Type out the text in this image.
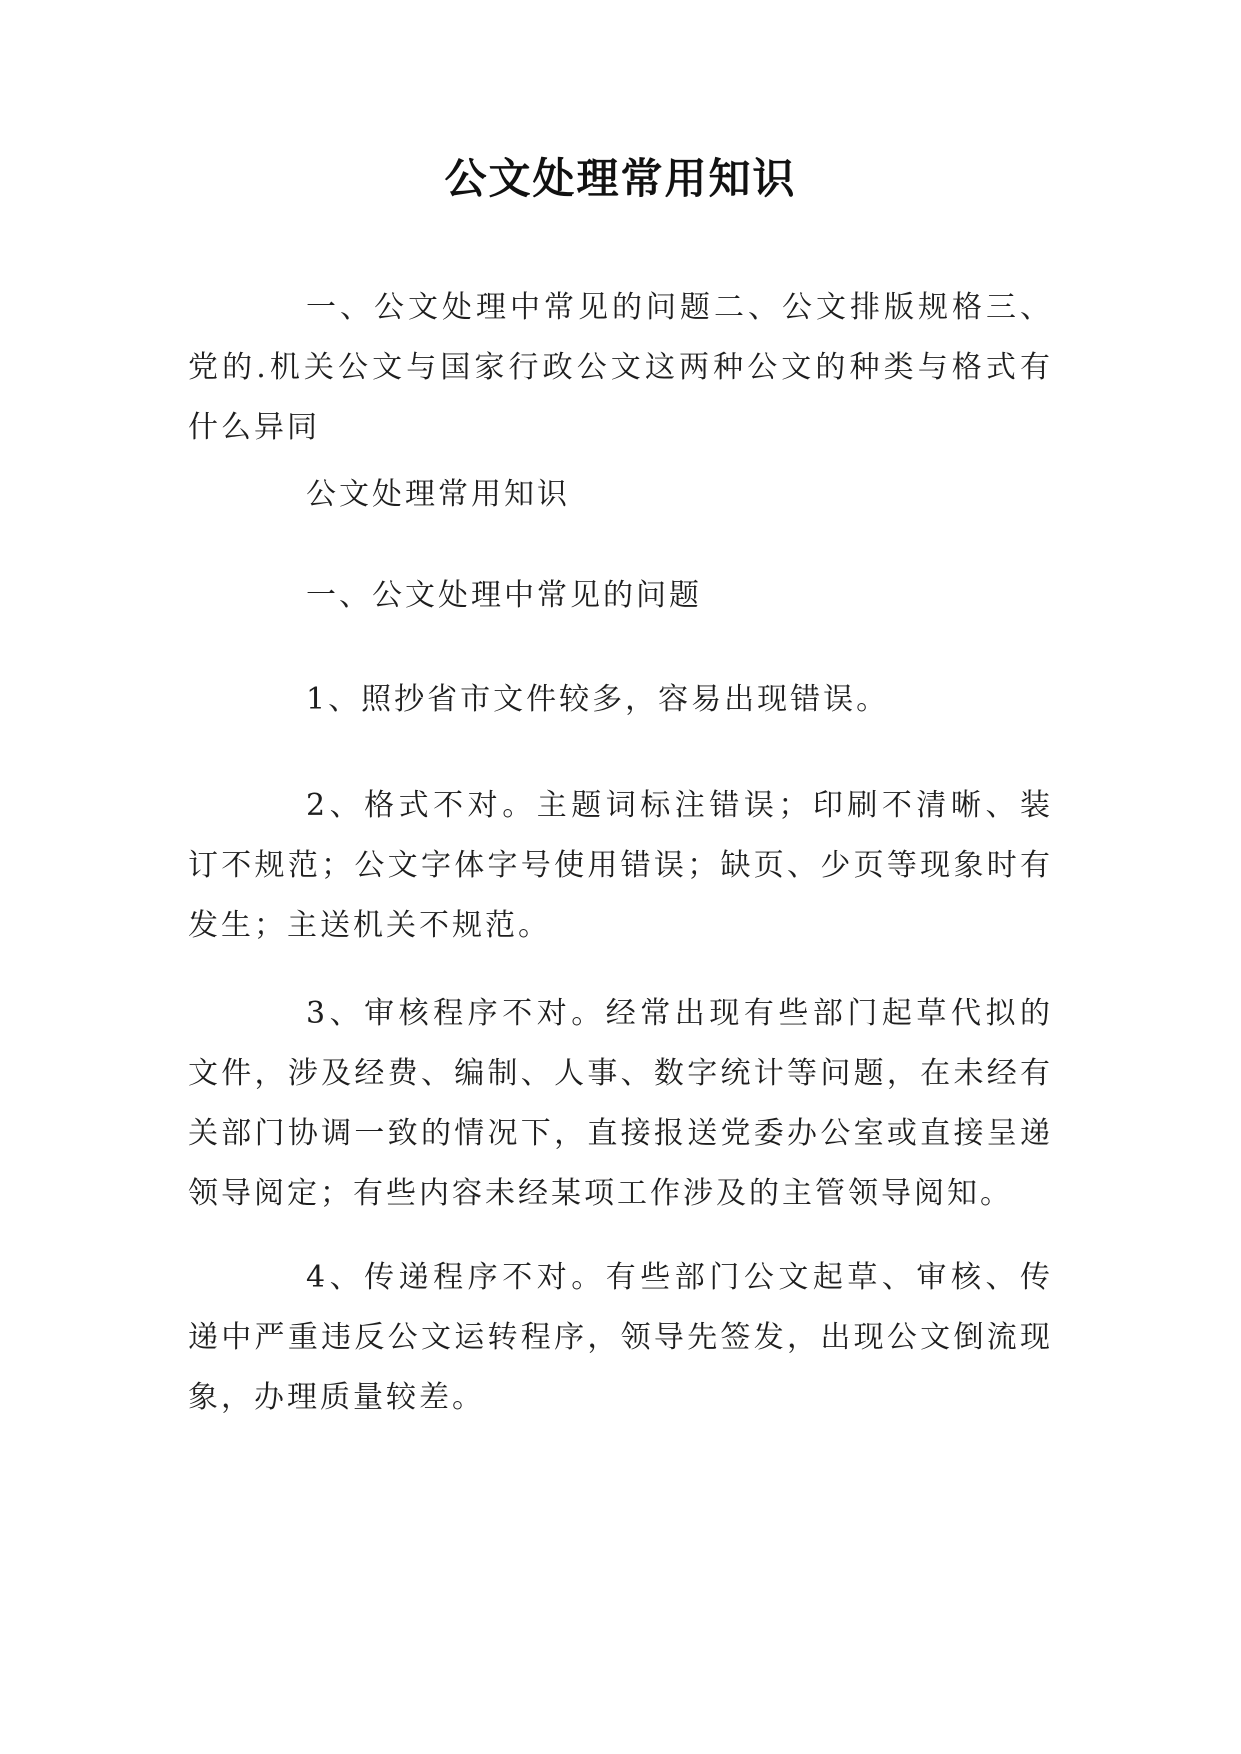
公文处理常用知识

一、公文处理中常见的问题二、公文排版规格三、党的.机关公文与国家行政公文这两种公文的种类与格式有什么异同

公文处理常用知识

一、公文处理中常见的问题

1、照抄省市文件较多，容易出现错误。

2、格式不对。主题词标注错误；印刷不清晰、装订不规范；公文字体字号使用错误；缺页、少页等现象时有发生；主送机关不规范。

3、审核程序不对。经常出现有些部门起草代拟的文件，涉及经费、编制、人事、数字统计等问题，在未经有关部门协调一致的情况下，直接报送党委办公室或直接呈递领导阅定；有些内容未经某项工作涉及的主管领导阅知。

4、传递程序不对。有些部门公文起草、审核、传递中严重违反公文运转程序，领导先签发，出现公文倒流现象，办理质量较差。
